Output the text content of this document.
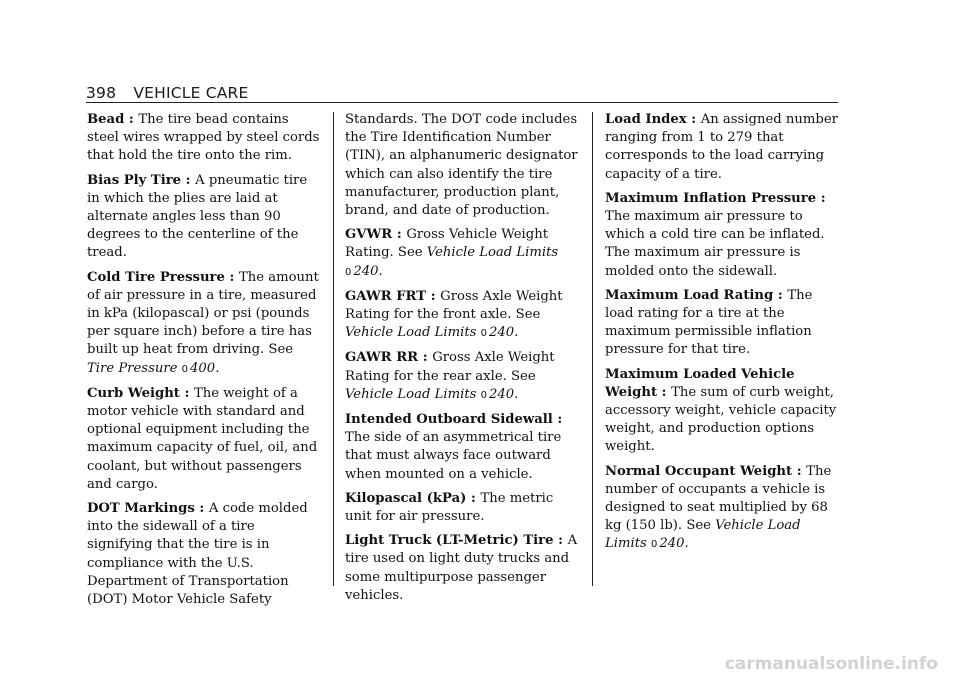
398 VEHICLE CARE

Bead : The tire bead contains steel wires wrapped by steel cords that hold the tire onto the rim.

Bias Ply Tire : A pneumatic tire in which the plies are laid at alternate angles less than 90 degrees to the centerline of the tread.

Cold Tire Pressure : The amount of air pressure in a tire, measured in kPa (kilopascal) or psi (pounds per square inch) before a tire has built up heat from driving. See Tire Pressure 0 400.

Curb Weight : The weight of a motor vehicle with standard and optional equipment including the maximum capacity of fuel, oil, and coolant, but without passengers and cargo.

DOT Markings : A code molded into the sidewall of a tire signifying that the tire is in compliance with the U.S. Department of Transportation (DOT) Motor Vehicle Safety

Standards. The DOT code includes the Tire Identification Number (TIN), an alphanumeric designator which can also identify the tire manufacturer, production plant, brand, and date of production.

GVWR : Gross Vehicle Weight Rating. See Vehicle Load Limits
0 240.

GAWR FRT : Gross Axle Weight Rating for the front axle. See Vehicle Load Limits 0 240.

GAWR RR : Gross Axle Weight Rating for the rear axle. See Vehicle Load Limits 0 240.

Intended Outboard Sidewall : The side of an asymmetrical tire that must always face outward when mounted on a vehicle.

Kilopascal (kPa) : The metric unit for air pressure.

Light Truck (LT-Metric) Tire : A tire used on light duty trucks and some multipurpose passenger vehicles.

Load Index : An assigned number ranging from 1 to 279 that corresponds to the load carrying capacity of a tire.

Maximum Inflation Pressure : The maximum air pressure to which a cold tire can be inflated. The maximum air pressure is molded onto the sidewall.

Maximum Load Rating : The load rating for a tire at the maximum permissible inflation pressure for that tire.

Maximum Loaded Vehicle Weight : The sum of curb weight, accessory weight, vehicle capacity weight, and production options weight.

Normal Occupant Weight : The number of occupants a vehicle is designed to seat multiplied by 68 kg (150 lb). See Vehicle Load Limits 0 240.

carmanualsonline.info
